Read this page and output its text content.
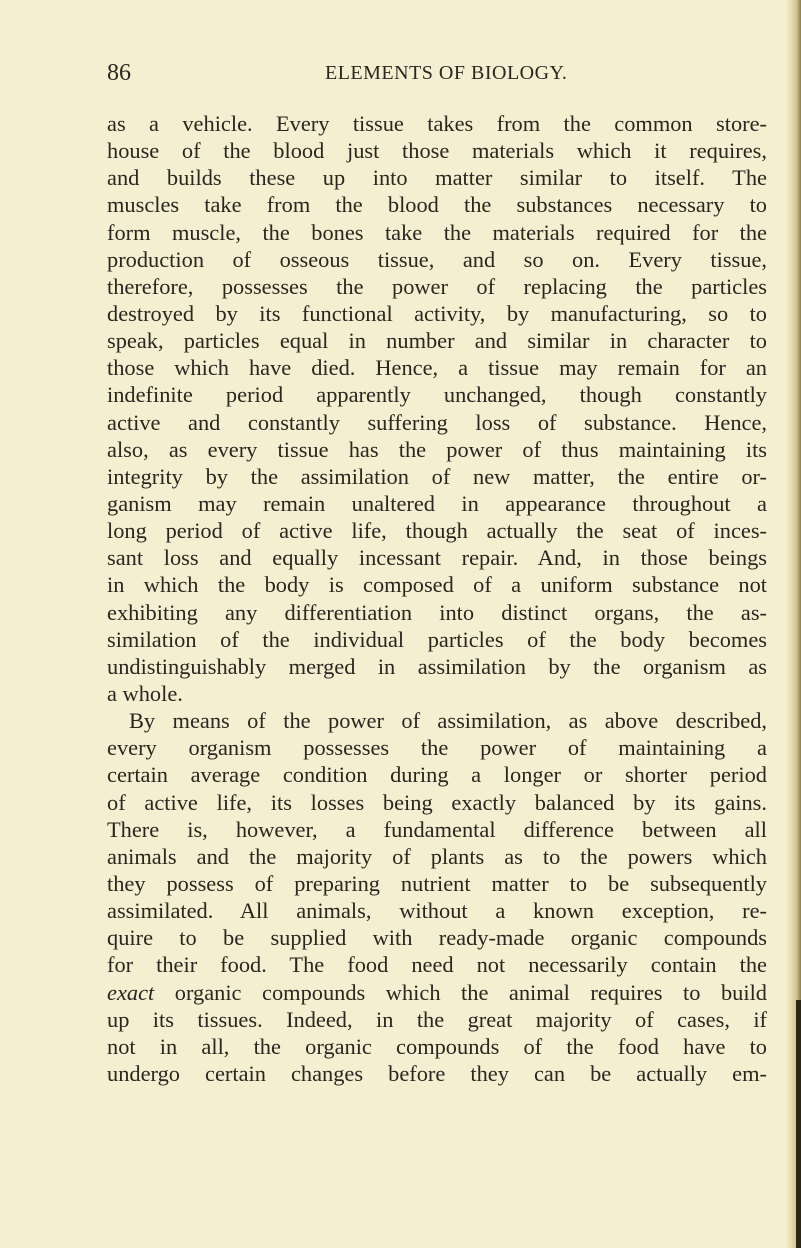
86	ELEMENTS OF BIOLOGY.
as a vehicle. Every tissue takes from the common store-
house of the blood just those materials which it requires,
and builds these up into matter similar to itself. The
muscles take from the blood the substances necessary to
form muscle, the bones take the materials required for the
production of osseous tissue, and so on. Every tissue,
therefore, possesses the power of replacing the particles
destroyed by its functional activity, by manufacturing, so to
speak, particles equal in number and similar in character to
those which have died. Hence, a tissue may remain for an
indefinite period apparently unchanged, though constantly
active and constantly suffering loss of substance. Hence,
also, as every tissue has the power of thus maintaining its
integrity by the assimilation of new matter, the entire or-
ganism may remain unaltered in appearance throughout a
long period of active life, though actually the seat of inces-
sant loss and equally incessant repair. And, in those beings
in which the body is composed of a uniform substance not
exhibiting any differentiation into distinct organs, the as-
similation of the individual particles of the body becomes
undistinguishably merged in assimilation by the organism as
a whole.
By means of the power of assimilation, as above described,
every organism possesses the power of maintaining a
certain average condition during a longer or shorter period
of active life, its losses being exactly balanced by its gains.
There is, however, a fundamental difference between all
animals and the majority of plants as to the powers which
they possess of preparing nutrient matter to be subsequently
assimilated. All animals, without a known exception, re-
quire to be supplied with ready-made organic compounds
for their food. The food need not necessarily contain the
exact organic compounds which the animal requires to build
up its tissues. Indeed, in the great majority of cases, if
not in all, the organic compounds of the food have to
undergo certain changes before they can be actually em-
